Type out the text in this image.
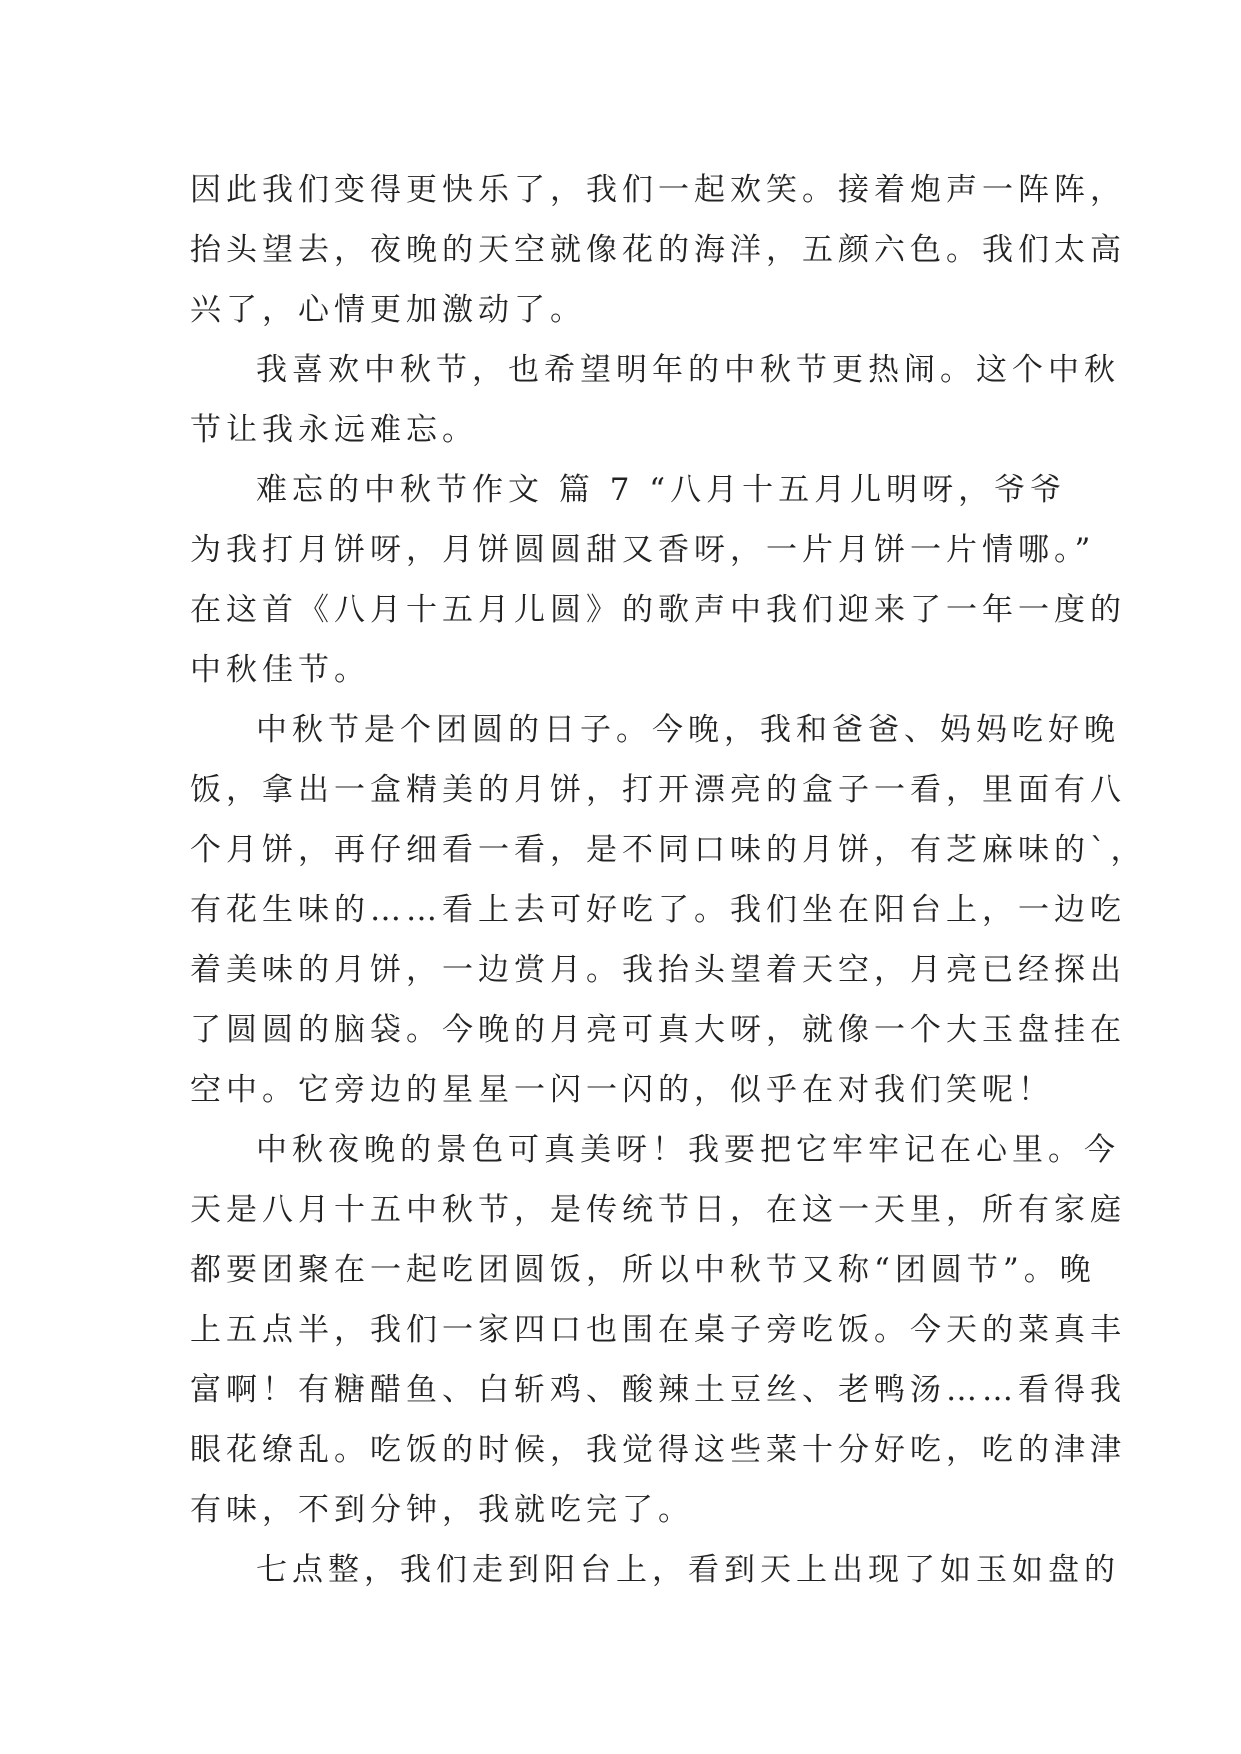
因此我们变得更快乐了，我们一起欢笑。接着炮声一阵阵，
抬头望去，夜晚的天空就像花的海洋，五颜六色。我们太高
兴了，心情更加激动了。
我喜欢中秋节，也希望明年的中秋节更热闹。这个中秋
节让我永远难忘。
难忘的中秋节作文 篇 7 “八月十五月儿明呀，爷爷
为我打月饼呀，月饼圆圆甜又香呀，一片月饼一片情哪。”
在这首《八月十五月儿圆》的歌声中我们迎来了一年一度的
中秋佳节。
中秋节是个团圆的日子。今晚，我和爸爸、妈妈吃好晚
饭，拿出一盒精美的月饼，打开漂亮的盒子一看，里面有八
个月饼，再仔细看一看，是不同口味的月饼，有芝麻味的`，
有花生味的……看上去可好吃了。我们坐在阳台上，一边吃
着美味的月饼，一边赏月。我抬头望着天空，月亮已经探出
了圆圆的脑袋。今晚的月亮可真大呀，就像一个大玉盘挂在
空中。它旁边的星星一闪一闪的，似乎在对我们笑呢！
中秋夜晚的景色可真美呀！我要把它牢牢记在心里。今
天是八月十五中秋节，是传统节日，在这一天里，所有家庭
都要团聚在一起吃团圆饭，所以中秋节又称“团圆节”。晚
上五点半，我们一家四口也围在桌子旁吃饭。今天的菜真丰
富啊！有糖醋鱼、白斩鸡、酸辣土豆丝、老鸭汤……看得我
眼花缭乱。吃饭的时候，我觉得这些菜十分好吃，吃的津津
有味，不到分钟，我就吃完了。
七点整，我们走到阳台上，看到天上出现了如玉如盘的
